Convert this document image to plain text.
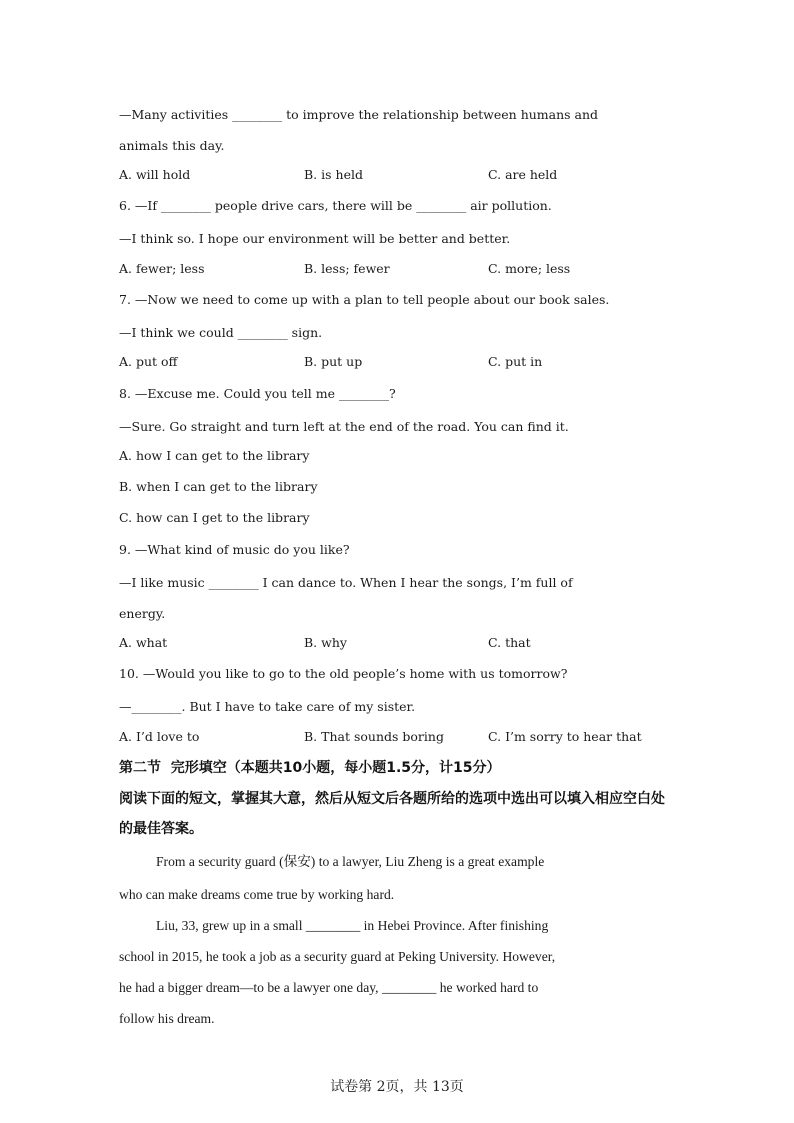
—Many activities ________ to improve the relationship between humans and
animals this day.
A. will hold	B. is held	C. are held
6. —If ________ people drive cars, there will be ________ air pollution.
—I think so. I hope our environment will be better and better.
A. fewer; less	B. less; fewer	C. more; less
7. —Now we need to come up with a plan to tell people about our book sales.
—I think we could ________ sign.
A. put off	B. put up	C. put in
8. —Excuse me. Could you tell me ________?
—Sure. Go straight and turn left at the end of the road. You can find it.
A. how I can get to the library
B. when I can get to the library
C. how can I get to the library
9. —What kind of music do you like?
—I like music ________ I can dance to. When I hear the songs, I’m full of
energy.
A. what	B. why	C. that
10. —Would you like to go to the old people’s home with us tomorrow?
—________. But I have to take care of my sister.
A. I’d love to	B. That sounds boring	C. I’m sorry to hear that
第二节  完形填空（本题共10小题，每小题1.5分，计15分）
阅读下面的短文，掌握其大意，然后从短文后各题所给的选项中选出可以填入相应空白处
的最佳答案。
From a security guard (保安) to a lawyer, Liu Zheng is a great example
who can make dreams come true by working hard.
Liu, 33, grew up in a small ________ in Hebei Province. After finishing
school in 2015, he took a job as a security guard at Peking University. However,
he had a bigger dream—to be a lawyer one day, ________ he worked hard to
follow his dream.
试卷第 2页，共 13页
